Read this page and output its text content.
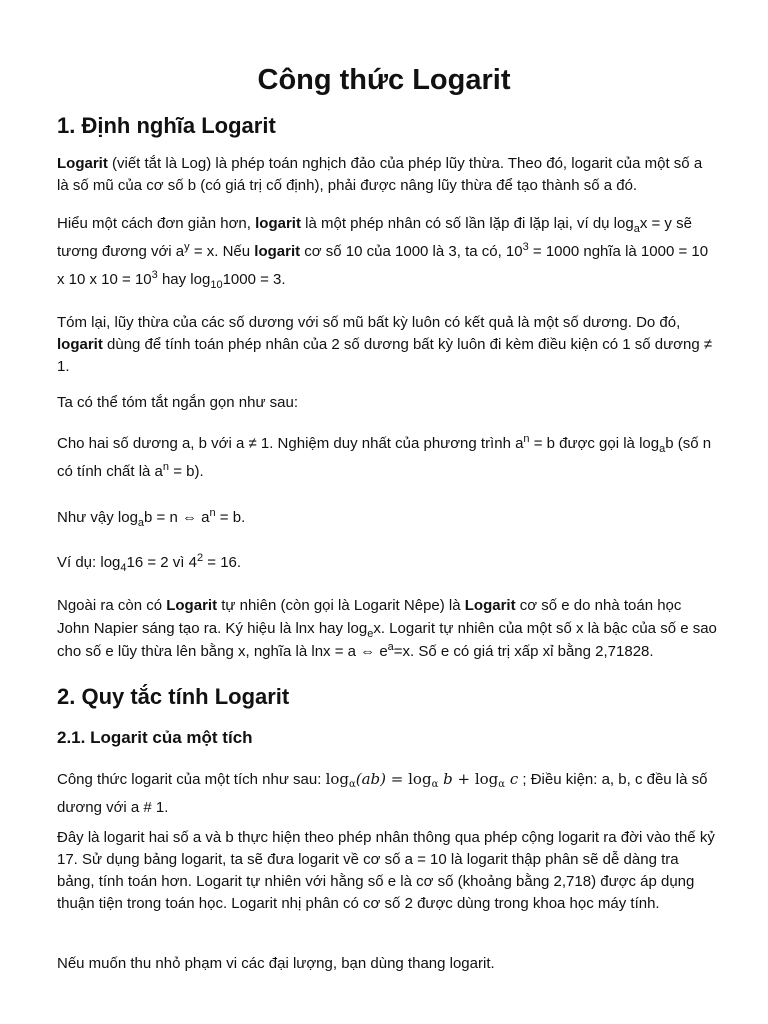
Công thức Logarit
1. Định nghĩa Logarit

Logarit (viết tắt là Log) là phép toán nghịch đảo của phép lũy thừa. Theo đó, logarit của một số a là số mũ của cơ số b (có giá trị cố định), phải được nâng lũy thừa để tạo thành số a đó.

Hiểu một cách đơn giản hơn, logarit là một phép nhân có số lần lặp đi lặp lại, ví dụ $\log_ax = y$ sẽ tương đương với $a^y = x$. Nếu logarit cơ số 10 của 1000 là 3, ta có, $10^3 = 1000$ nghĩa là 1000 = 10 x 10 x $10 = 10^3$ hay $\log_{10}1000 = 3$.

Tóm lại, lũy thừa của các số dương với số mũ bất kỳ luôn có kết quả là một số dương. Do đó, logarit dùng để tính toán phép nhân của 2 số dương bất kỳ luôn đi kèm điều kiện có 1 số dương ≠ 1.

Ta có thể tóm tắt ngắn gọn như sau:

Cho hai số dương a, b với a ≠ 1. Nghiệm duy nhất của phương trình $a^n = b$ được gọi là $\log_ab$ (số n có tính chất là $a^n = b$).

Như vậy $\log_ab = n$ ⇔ $a^n = b$.

Ví dụ: $\log_416 = 2$ vì $4^2 = 16$.

Ngoài ra còn có Logarit tự nhiên (còn gọi là Logarit Nêpe) là Logarit cơ số e do nhà toán học John Napier sáng tạo ra. Ký hiệu là lnx hay $\log_ex$. Logarit tự nhiên của một số x là bậc của số e sao cho số e lũy thừa lên bằng x, nghĩa là lnx = a ⇔ $e^a=x$. Số e có giá trị xấp xỉ bằng 2,71828.

2. Quy tắc tính Logarit
2.1. Logarit của một tích

Công thức logarit của một tích như sau: $\log_\alpha(ab) = \log_\alpha b + \log_\alpha c$ ; Điều kiện: a, b, c đều là số dương với a # 1.

Đây là logarit hai số a và b thực hiện theo phép nhân thông qua phép cộng logarit ra đời vào thế kỷ 17. Sử dụng bảng logarit, ta sẽ đưa logarit về cơ số a = 10 là logarit thập phân sẽ dễ dàng tra bảng, tính toán hơn. Logarit tự nhiên với hằng số e là cơ số (khoảng bằng 2,718) được áp dụng thuận tiện trong toán học. Logarit nhị phân có cơ số 2 được dùng trong khoa học máy tính.

Nếu muốn thu nhỏ phạm vi các đại lượng, bạn dùng thang logarit.
